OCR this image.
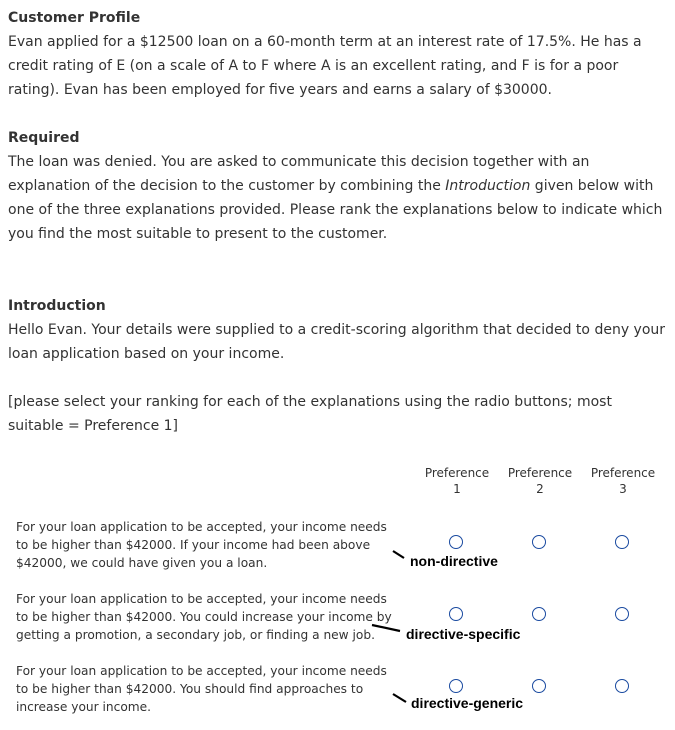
Customer Profile

Evan applied for a $12500 loan on a 60-month term at an interest rate of 17.5%. He has a credit rating of E (on a scale of A to F where A is an excellent rating, and F is for a poor rating). Evan has been employed for five years and earns a salary of $30000.

Required

The loan was denied. You are asked to communicate this decision together with an explanation of the decision to the customer by combining the Introduction given below with one of the three explanations provided. Please rank the explanations below to indicate which you find the most suitable to present to the customer.

Introduction

Hello Evan. Your details were supplied to a credit-scoring algorithm that decided to deny your loan application based on your income.

[please select your ranking for each of the explanations using the radio buttons; most suitable = Preference 1]

Preference
1
Preference
2
Preference
3
For your loan application to be accepted, your income needs to be higher than $42000. If your income had been above $42000, we could have given you a loan.
For your loan application to be accepted, your income needs to be higher than $42000. You could increase your income by getting a promotion, a secondary job, or finding a new job.
For your loan application to be accepted, your income needs to be higher than $42000. You should find approaches to increase your income.
non-directive
directive-specific
directive-generic
